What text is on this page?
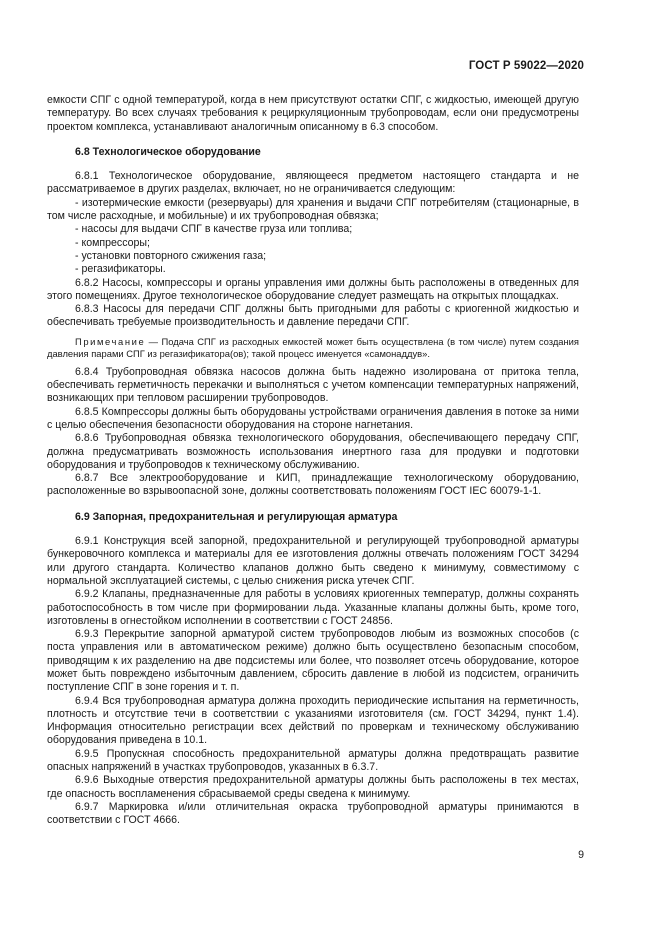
ГОСТ Р 59022—2020

емкости СПГ с одной температурой, когда в нем присутствуют остатки СПГ, с жидкостью, имеющей другую температуру. Во всех случаях требования к рециркуляционным трубопроводам, если они предусмотрены проектом комплекса, устанавливают аналогичным описанному в 6.3 способом.

6.8 Технологическое оборудование

6.8.1 Технологическое оборудование, являющееся предметом настоящего стандарта и не рассматриваемое в других разделах, включает, но не ограничивается следующим:

- изотермические емкости (резервуары) для хранения и выдачи СПГ потребителям (стационарные, в том числе расходные, и мобильные) и их трубопроводная обвязка;

- насосы для выдачи СПГ в качестве груза или топлива;

- компрессоры;

- установки повторного сжижения газа;

- регазификаторы.

6.8.2 Насосы, компрессоры и органы управления ими должны быть расположены в отведенных для этого помещениях. Другое технологическое оборудование следует размещать на открытых площадках.

6.8.3 Насосы для передачи СПГ должны быть пригодными для работы с криогенной жидкостью и обеспечивать требуемые производительность и давление передачи СПГ.

Примечание — Подача СПГ из расходных емкостей может быть осуществлена (в том числе) путем создания давления парами СПГ из регазификатора(ов); такой процесс именуется «самонаддув».

6.8.4 Трубопроводная обвязка насосов должна быть надежно изолирована от притока тепла, обеспечивать герметичность перекачки и выполняться с учетом компенсации температурных напряжений, возникающих при тепловом расширении трубопроводов.

6.8.5 Компрессоры должны быть оборудованы устройствами ограничения давления в потоке за ними с целью обеспечения безопасности оборудования на стороне нагнетания.

6.8.6 Трубопроводная обвязка технологического оборудования, обеспечивающего передачу СПГ, должна предусматривать возможность использования инертного газа для продувки и подготовки оборудования и трубопроводов к техническому обслуживанию.

6.8.7 Все электрооборудование и КИП, принадлежащие технологическому оборудованию, расположенные во взрывоопасной зоне, должны соответствовать положениям ГОСТ IEC 60079-1-1.

6.9 Запорная, предохранительная и регулирующая арматура

6.9.1 Конструкция всей запорной, предохранительной и регулирующей трубопроводной арматуры бункеровочного комплекса и материалы для ее изготовления должны отвечать положениям ГОСТ 34294 или другого стандарта. Количество клапанов должно быть сведено к минимуму, совместимому с нормальной эксплуатацией системы, с целью снижения риска утечек СПГ.

6.9.2 Клапаны, предназначенные для работы в условиях криогенных температур, должны сохранять работоспособность в том числе при формировании льда. Указанные клапаны должны быть, кроме того, изготовлены в огнестойком исполнении в соответствии с ГОСТ 24856.

6.9.3 Перекрытие запорной арматурой систем трубопроводов любым из возможных способов (с поста управления или в автоматическом режиме) должно быть осуществлено безопасным способом, приводящим к их разделению на две подсистемы или более, что позволяет отсечь оборудование, которое может быть повреждено избыточным давлением, сбросить давление в любой из подсистем, ограничить поступление СПГ в зоне горения и т. п.

6.9.4 Вся трубопроводная арматура должна проходить периодические испытания на герметичность, плотность и отсутствие течи в соответствии с указаниями изготовителя (см. ГОСТ 34294, пункт 1.4). Информация относительно регистрации всех действий по проверкам и техническому обслуживанию оборудования приведена в 10.1.

6.9.5 Пропускная способность предохранительной арматуры должна предотвращать развитие опасных напряжений в участках трубопроводов, указанных в 6.3.7.

6.9.6 Выходные отверстия предохранительной арматуры должны быть расположены в тех местах, где опасность воспламенения сбрасываемой среды сведена к минимуму.

6.9.7 Маркировка и/или отличительная окраска трубопроводной арматуры принимаются в соответствии с ГОСТ 4666.

9
